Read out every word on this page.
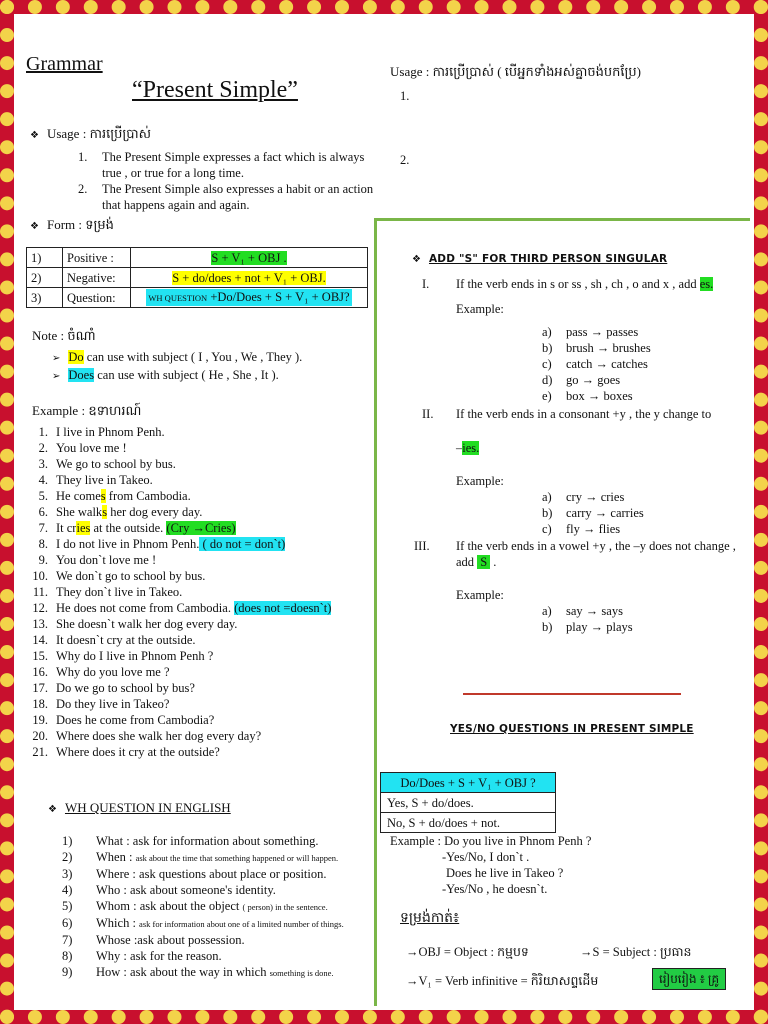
Grammar
“Present Simple”
❖ Usage : ការប្រើប្រាស់
1.	The Present Simple expresses a fact which is always true , or true for a long time.
2.	The Present Simple also expresses a habit or an action that happens again and again.
❖ Form : ទម្រង់
1)	Positive :	S + V₁ + OBJ .
2)	Negative:	S + do/does + not + V₁ + OBJ.
3)	Question:	WH QUESTION +Do/Does + S + V₁ + OBJ?
Note : ចំណាំ
➢ Do can use with subject ( I , You , We , They ).
➢ Does can use with subject ( He , She , It ).
Example : ឧទាហរណ៍
1. I live in Phnom Penh.
2. You love me !
3. We go to school by bus.
4. They live in Takeo.
5. He comes from Cambodia.
6. She walks her dog every day.
7. It cries at the outside. (Cry →Cries)
8. I do not live in Phnom Penh. ( do not = don`t)
9. You don`t love me !
10. We don`t go to school by bus.
11. They don`t live in Takeo.
12. He does not come from Cambodia. (does not =doesn`t)
13. She doesn`t walk her dog every day.
14. It doesn`t cry at the outside.
15. Why do I live in Phnom Penh ?
16. Why do you love me ?
17. Do we go to school by bus?
18. Do they live in Takeo?
19. Does he come from Cambodia?
20. Where does she walk her dog every day?
21. Where does it cry at the outside?
❖ WH QUESTION IN ENGLISH
1)	What : ask for information about something.
2)	When : ask about the time that something happened or will happen.
3)	Where : ask questions about place or position.
4)	Who : ask about someone's identity.
5)	Whom : ask about the object ( person) in the sentence.
6)	Which : ask for information about one of a limited number of things.
7)	Whose :ask about possession.
8)	Why : ask for the reason.
9)	How : ask about the way in which something is done.
Usage : ការប្រើប្រាស់ ( បើអ្នកទាំងអស់គ្នាចង់បកប្រែ)
1.
2.
❖ ADD "S" FOR THIRD PERSON SINGULAR
I.	If the verb ends in s or ss , sh , ch , o and x , add es.
Example:
a)	pass → passes
b)	brush → brushes
c)	catch → catches
d)	go → goes
e)	box → boxes
II.	If the verb ends in a consonant +y , the y change to
–ies.
Example:
a)	cry → cries
b)	carry → carries
c)	fly → flies
III.	If the verb ends in a vowel +y , the –y does not change , add S .
Example:
a)	say → says
b)	play → plays
YES/NO QUESTIONS IN PRESENT SIMPLE
Do/Does + S + V₁ + OBJ ?
Yes, S + do/does.
No, S + do/does + not.
Example : Do you live in Phnom Penh ?
-Yes/No, I don`t .
Does he live in Takeo ?
-Yes/No , he doesn`t.
ទម្រង់កាត់៖
→OBJ = Object : កម្មបទ	→S = Subject : ប្រធាន
→V₁ = Verb infinitive = កិរិយាសព្ទដើម	រៀបរៀង ៖ គ្រូ
